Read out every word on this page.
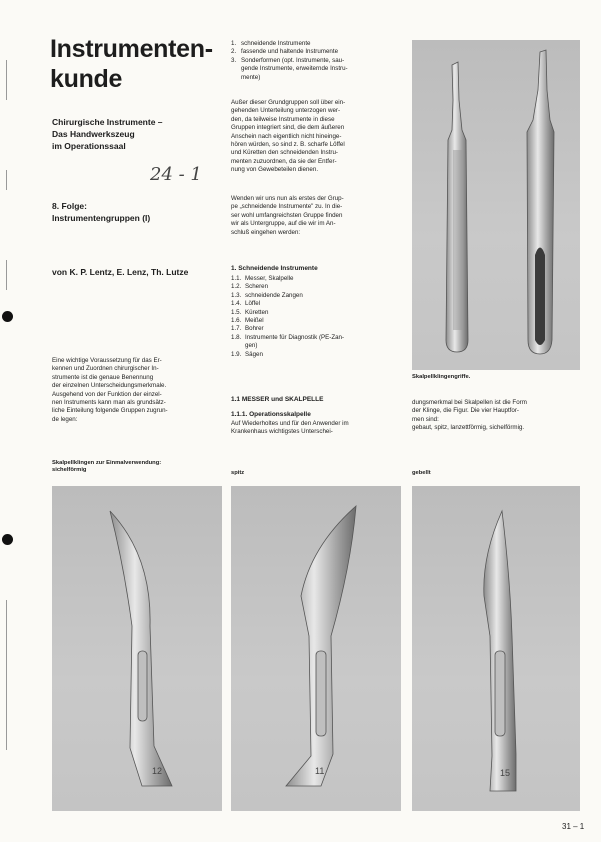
Instrumenten-
kunde
Chirurgische Instrumente –
Das Handwerkszeug
im Operationssaal
24 - 1
8. Folge:
Instrumentengruppen (I)
von K. P. Lentz, E. Lenz, Th. Lutze
Eine wichtige Voraussetzung für das Er-
kennen und Zuordnen chirurgischer In-
strumente ist die genaue Benennung
der einzelnen Unterscheidungsmerkmale.
Ausgehend von der Funktion der einzel-
nen Instruments kann man als grundsätz-
liche Einteilung folgende Gruppen zugrun-
de legen:
1. schneidende Instrumente
2. fassende und haltende Instrumente
3. Sonderformen (opt. Instrumente, sau-
gende Instrumente, erweiternde Instru-
mente)
Außer dieser Grundgruppen soll über ein-
gehenden Unterteilung unterzogen wer-
den, da teilweise Instrumente in diese
Gruppen integriert sind, die dem äußeren
Anschein nach eigentlich nicht hineinge-
hören würden, so sind z. B. scharfe Löffel
und Küretten den schneidenden Instru-
menten zuzuordnen, da sie der Entfer-
nung von Gewebeteilen dienen.
Wenden wir uns nun als erstes der Grup-
pe „schneidende Instrumente" zu. In die-
ser wohl umfangreichsten Gruppe finden
wir als Untergruppe, auf die wir im An-
schluß eingehen werden:
1. Schneidende Instrumente
1.1. Messer, Skalpelle
1.2. Scheren
1.3. schneidende Zangen
1.4. Löffel
1.5. Küretten
1.6. Meißel
1.7. Bohrer
1.8. Instrumente für Diagnostik (PE-Zan-
gen)
1.9. Sägen
1.1 MESSER und SKALPELLE
1.1.1. Operationsskalpelle
Auf Wiederholtes und für den Anwender im
Krankenhaus wichtigstes Unterschei-
Skalpellklingengriffe.
dungsmerkmal bei Skalpellen ist die Form
der Klinge, die Figur. Die vier Hauptfor-
men sind:
gebaut, spitz, lanzettförmig, sichelförmig.
Skalpellklingen zur Einmalverwendung:
sichelförmig	spitz	gebellt
12	11	15
31 – 1
